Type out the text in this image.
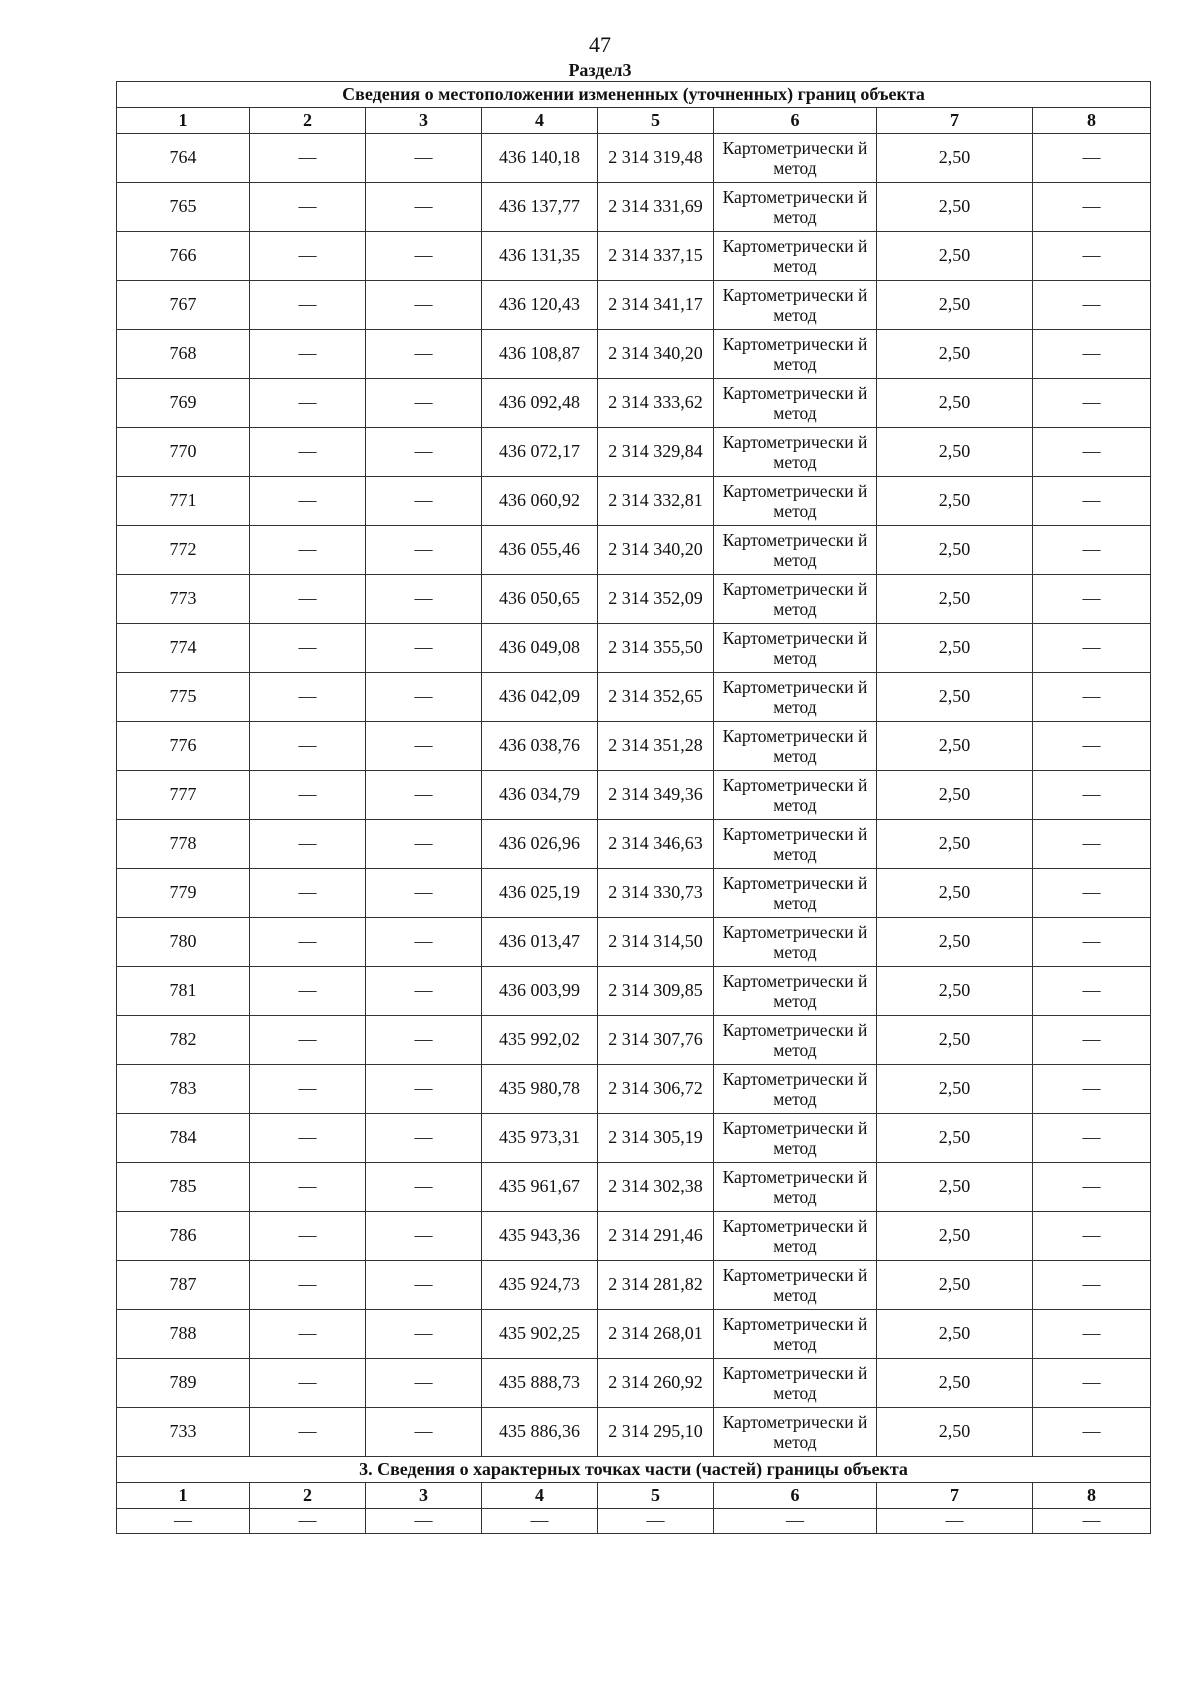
47
Раздел3
Сведения о местоположении измененных (уточненных) границ объекта							
1	2	3	4	5	6	7	8
764	—	—	436 140,18	2 314 319,48	Картометрически й метод	2,50	—
765	—	—	436 137,77	2 314 331,69	Картометрически й метод	2,50	—
766	—	—	436 131,35	2 314 337,15	Картометрически й метод	2,50	—
767	—	—	436 120,43	2 314 341,17	Картометрически й метод	2,50	—
768	—	—	436 108,87	2 314 340,20	Картометрически й метод	2,50	—
769	—	—	436 092,48	2 314 333,62	Картометрически й метод	2,50	—
770	—	—	436 072,17	2 314 329,84	Картометрически й метод	2,50	—
771	—	—	436 060,92	2 314 332,81	Картометрически й метод	2,50	—
772	—	—	436 055,46	2 314 340,20	Картометрически й метод	2,50	—
773	—	—	436 050,65	2 314 352,09	Картометрически й метод	2,50	—
774	—	—	436 049,08	2 314 355,50	Картометрически й метод	2,50	—
775	—	—	436 042,09	2 314 352,65	Картометрически й метод	2,50	—
776	—	—	436 038,76	2 314 351,28	Картометрически й метод	2,50	—
777	—	—	436 034,79	2 314 349,36	Картометрически й метод	2,50	—
778	—	—	436 026,96	2 314 346,63	Картометрически й метод	2,50	—
779	—	—	436 025,19	2 314 330,73	Картометрически й метод	2,50	—
780	—	—	436 013,47	2 314 314,50	Картометрически й метод	2,50	—
781	—	—	436 003,99	2 314 309,85	Картометрически й метод	2,50	—
782	—	—	435 992,02	2 314 307,76	Картометрически й метод	2,50	—
783	—	—	435 980,78	2 314 306,72	Картометрически й метод	2,50	—
784	—	—	435 973,31	2 314 305,19	Картометрически й метод	2,50	—
785	—	—	435 961,67	2 314 302,38	Картометрически й метод	2,50	—
786	—	—	435 943,36	2 314 291,46	Картометрически й метод	2,50	—
787	—	—	435 924,73	2 314 281,82	Картометрически й метод	2,50	—
788	—	—	435 902,25	2 314 268,01	Картометрически й метод	2,50	—
789	—	—	435 888,73	2 314 260,92	Картометрически й метод	2,50	—
733	—	—	435 886,36	2 314 295,10	Картометрически й метод	2,50	—
3. Сведения о характерных точках части (частей) границы объекта							
1	2	3	4	5	6	7	8
—	—	—	—	—	—	—	—
